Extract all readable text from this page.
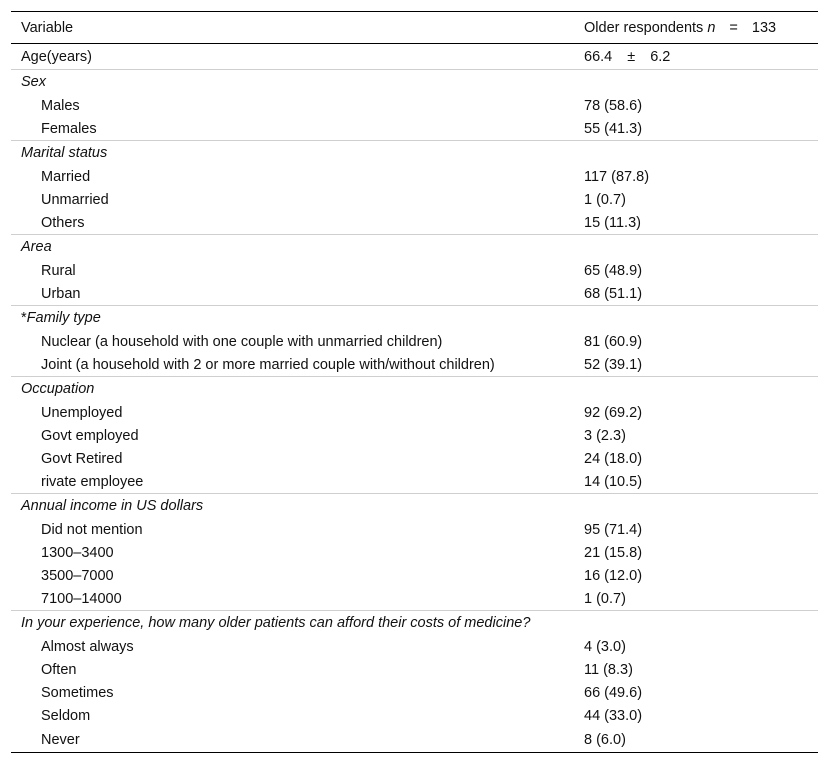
Variable	Older respondents n = 133
Age(years)	66.4 ± 6.2
Sex	
Males	78 (58.6)
Females	55 (41.3)
Marital status	
Married	117 (87.8)
Unmarried	1 (0.7)
Others	15 (11.3)
Area	
Rural	65 (48.9)
Urban	68 (51.1)
*Family type	
Nuclear (a household with one couple with unmarried children)	81 (60.9)
Joint (a household with 2 or more married couple with/without children)	52 (39.1)
Occupation	
Unemployed	92 (69.2)
Govt employed	3 (2.3)
Govt Retired	24 (18.0)
rivate employee	14 (10.5)
Annual income in US dollars	
Did not mention	95 (71.4)
1300–3400	21 (15.8)
3500–7000	16 (12.0)
7100–14000	1 (0.7)
In your experience, how many older patients can afford their costs of medicine?	
Almost always	4 (3.0)
Often	11 (8.3)
Sometimes	66 (49.6)
Seldom	44 (33.0)
Never	8 (6.0)
